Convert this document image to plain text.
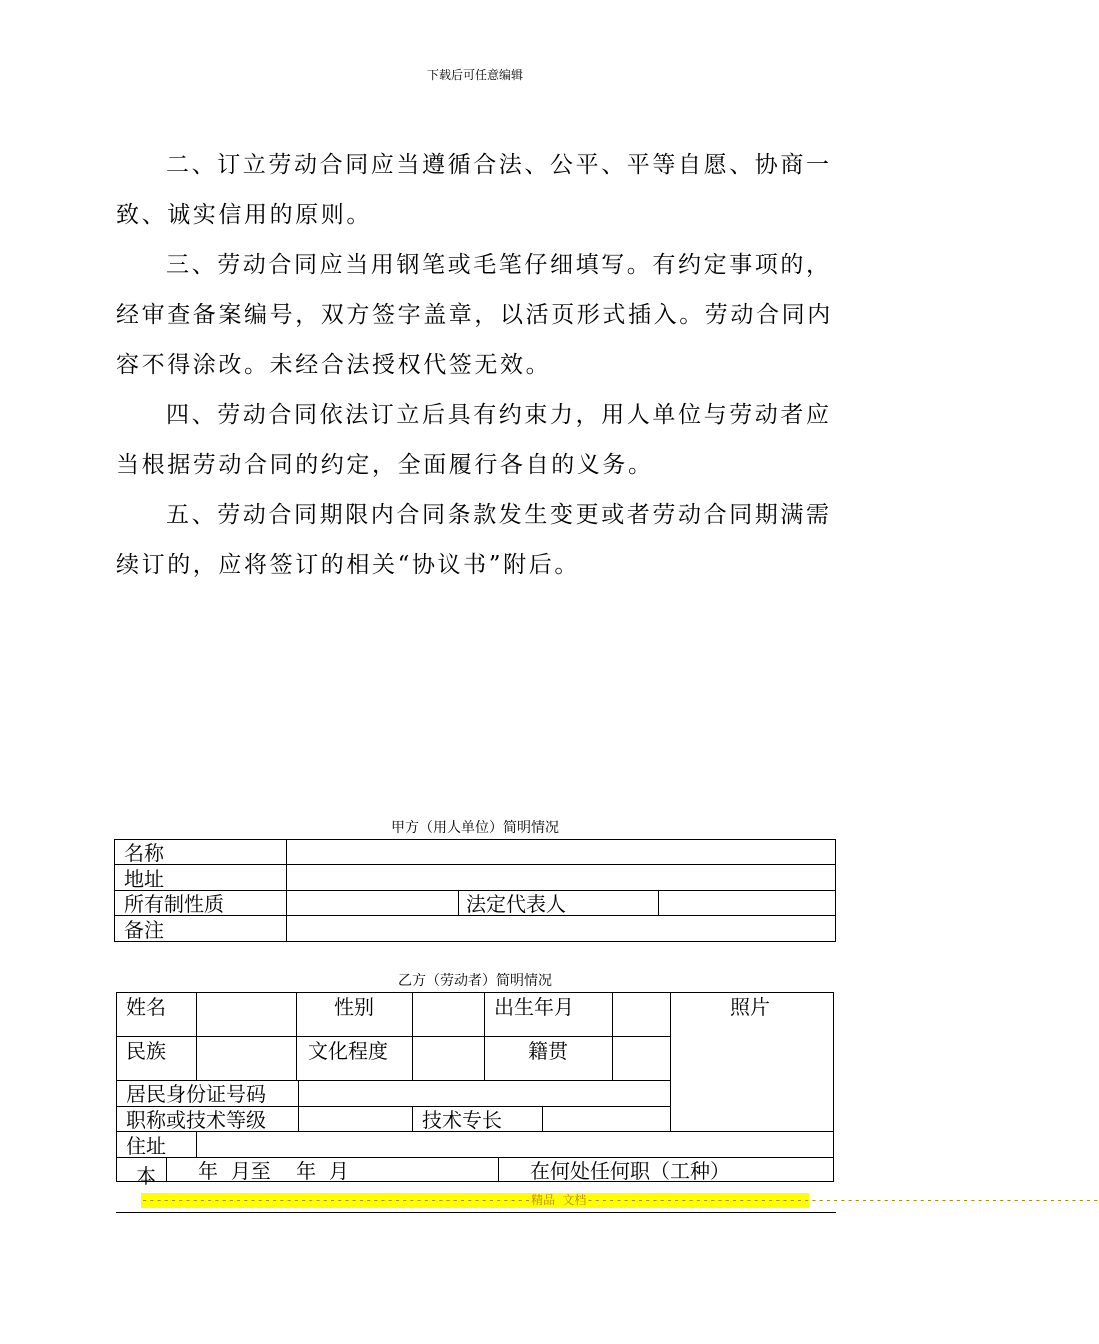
下载后可任意编辑

二、订立劳动合同应当遵循合法、公平、平等自愿、协商一致、诚实信用的原则。

三、劳动合同应当用钢笔或毛笔仔细填写。有约定事项的，经审查备案编号，双方签字盖章，以活页形式插入。劳动合同内容不得涂改。未经合法授权代签无效。

四、劳动合同依法订立后具有约束力，用人单位与劳动者应当根据劳动合同的约定，全面履行各自的义务。

五、劳动合同期限内合同条款发生变更或者劳动合同期满需续订的，应将签订的相关“协议书”附后。

甲方（用人单位）简明情况
名称
地址
所有制性质	法定代表人
备注
乙方（劳动者）简明情况
姓名	性别	出生年月	照片
民族	文化程度	籍贯
居民身份证号码
职称或技术等级	技术专长
住址
本 年  月至    年  月	在何处任何职（工种）
------------------------------------------------------精品 文档-----------------------------------------------------------------------
